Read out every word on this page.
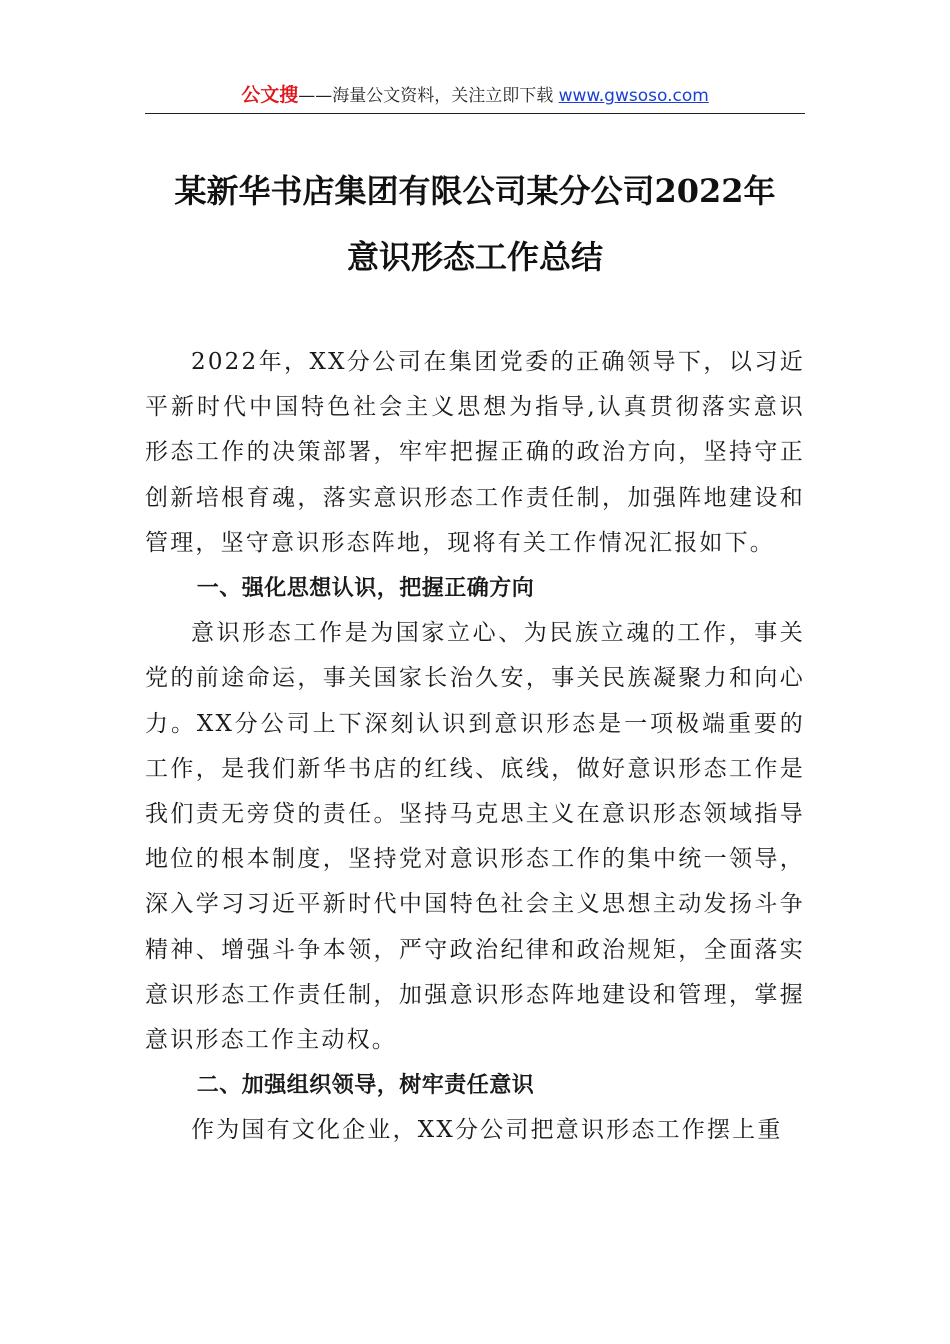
公文搜——海量公文资料，关注立即下载 www.gwsoso.com
某新华书店集团有限公司某分公司2022年
意识形态工作总结

2022年，XX分公司在集团党委的正确领导下，以习近平新时代中国特色社会主义思想为指导,认真贯彻落实意识形态工作的决策部署，牢牢把握正确的政治方向，坚持守正创新培根育魂，落实意识形态工作责任制，加强阵地建设和管理，坚守意识形态阵地，现将有关工作情况汇报如下。

一、强化思想认识，把握正确方向

意识形态工作是为国家立心、为民族立魂的工作，事关党的前途命运，事关国家长治久安，事关民族凝聚力和向心力。XX分公司上下深刻认识到意识形态是一项极端重要的工作，是我们新华书店的红线、底线，做好意识形态工作是我们责无旁贷的责任。坚持马克思主义在意识形态领域指导地位的根本制度，坚持党对意识形态工作的集中统一领导，深入学习习近平新时代中国特色社会主义思想主动发扬斗争精神、增强斗争本领，严守政治纪律和政治规矩，全面落实意识形态工作责任制，加强意识形态阵地建设和管理，掌握意识形态工作主动权。

二、加强组织领导，树牢责任意识

作为国有文化企业，XX分公司把意识形态工作摆上重
